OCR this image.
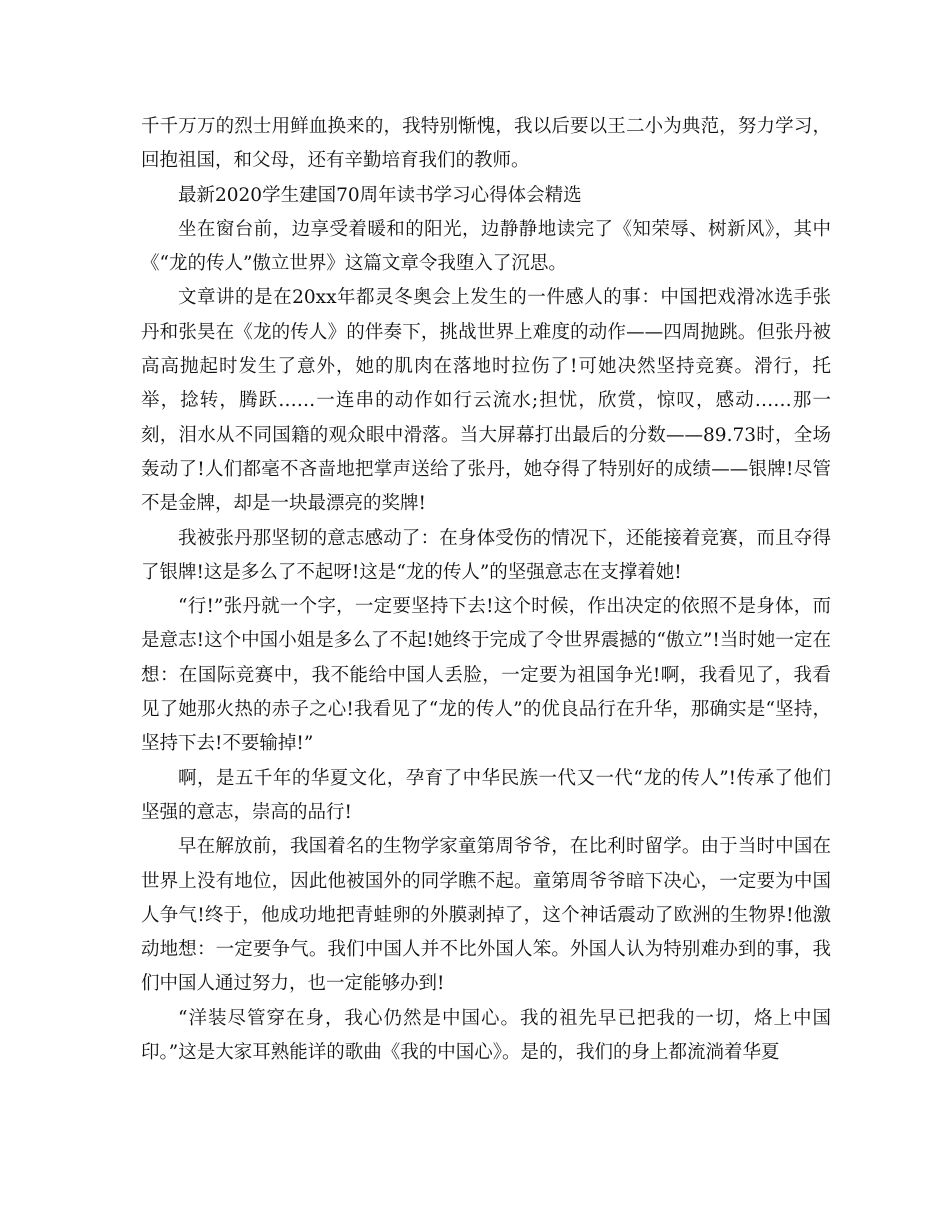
千千万万的烈士用鲜血换来的，我特别惭愧，我以后要以王二小为典范，努力学习，回抱祖国，和父母，还有辛勤培育我们的教师。

最新2020学生建国70周年读书学习心得体会精选

坐在窗台前，边享受着暖和的阳光，边静静地读完了《知荣辱、树新风》，其中《“龙的传人”傲立世界》这篇文章令我堕入了沉思。

文章讲的是在20xx年都灵冬奥会上发生的一件感人的事：中国把戏滑冰选手张丹和张昊在《龙的传人》的伴奏下，挑战世界上难度的动作——四周抛跳。但张丹被高高抛起时发生了意外，她的肌肉在落地时拉伤了!可她决然坚持竞赛。滑行，托举，捻转，腾跃……一连串的动作如行云流水;担忧，欣赏，惊叹，感动……那一刻，泪水从不同国籍的观众眼中滑落。当大屏幕打出最后的分数——89.73时，全场轰动了!人们都毫不吝啬地把掌声送给了张丹，她夺得了特别好的成绩——银牌!尽管不是金牌，却是一块最漂亮的奖牌!

我被张丹那坚韧的意志感动了：在身体受伤的情况下，还能接着竞赛，而且夺得了银牌!这是多么了不起呀!这是“龙的传人”的坚强意志在支撑着她!

“行!”张丹就一个字，一定要坚持下去!这个时候，作出决定的依照不是身体，而是意志!这个中国小姐是多么了不起!她终于完成了令世界震撼的“傲立”!当时她一定在想：在国际竞赛中，我不能给中国人丢脸，一定要为祖国争光!啊，我看见了，我看见了她那火热的赤子之心!我看见了“龙的传人”的优良品行在升华，那确实是“坚持，坚持下去!不要输掉!”

啊，是五千年的华夏文化，孕育了中华民族一代又一代“龙的传人”!传承了他们坚强的意志，崇高的品行!

早在解放前，我国着名的生物学家童第周爷爷，在比利时留学。由于当时中国在世界上没有地位，因此他被国外的同学瞧不起。童第周爷爷暗下决心，一定要为中国人争气!终于，他成功地把青蛙卵的外膜剥掉了，这个神话震动了欧洲的生物界!他激动地想：一定要争气。我们中国人并不比外国人笨。外国人认为特别难办到的事，我们中国人通过努力，也一定能够办到!

“洋装尽管穿在身，我心仍然是中国心。我的祖先早已把我的一切，烙上中国印。”这是大家耳熟能详的歌曲《我的中国心》。是的，我们的身上都流淌着华夏
